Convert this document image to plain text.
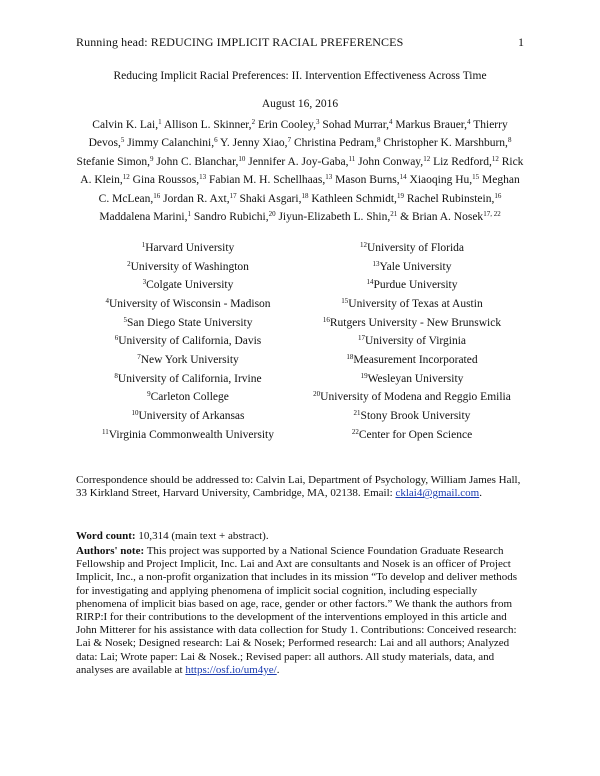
Running head: REDUCING IMPLICIT RACIAL PREFERENCES	1
Reducing Implicit Racial Preferences: II. Intervention Effectiveness Across Time
August 16, 2016
Calvin K. Lai,$^1$ Allison L. Skinner,$^2$ Erin Cooley,$^3$ Sohad Murrar,$^4$ Markus Brauer,$^4$ Thierry Devos,$^5$ Jimmy Calanchini,$^6$ Y. Jenny Xiao,$^7$ Christina Pedram,$^8$ Christopher K. Marshburn,$^8$ Stefanie Simon,$^9$ John C. Blanchar,$^{10}$ Jennifer A. Joy-Gaba,$^{11}$ John Conway,$^{12}$ Liz Redford,$^{12}$ Rick A. Klein,$^{12}$ Gina Roussos,$^{13}$ Fabian M. H. Schellhaas,$^{13}$ Mason Burns,$^{14}$ Xiaoqing Hu,$^{15}$ Meghan C. McLean,$^{16}$ Jordan R. Axt,$^{17}$ Shaki Asgari,$^{18}$ Kathleen Schmidt,$^{19}$ Rachel Rubinstein,$^{16}$ Maddalena Marini,$^1$ Sandro Rubichi,$^{20}$ Jiyun-Elizabeth L. Shin,$^{21}$ & Brian A. Nosek$^{17, 22}$
$^1$Harvard University
$^2$University of Washington
$^3$Colgate University
$^4$University of Wisconsin - Madison
$^5$San Diego State University
$^6$University of California, Davis
$^7$New York University
$^8$University of California, Irvine
$^9$Carleton College
$^{10}$University of Arkansas
$^{11}$Virginia Commonwealth University
$^{12}$University of Florida
$^{13}$Yale University
$^{14}$Purdue University
$^{15}$University of Texas at Austin
$^{16}$Rutgers University - New Brunswick
$^{17}$University of Virginia
$^{18}$Measurement Incorporated
$^{19}$Wesleyan University
$^{20}$University of Modena and Reggio Emilia
$^{21}$Stony Brook University
$^{22}$Center for Open Science
Correspondence should be addressed to: Calvin Lai, Department of Psychology, William James Hall, 33 Kirkland Street, Harvard University, Cambridge, MA, 02138. Email: cklai4@gmail.com.
Word count: 10,314 (main text + abstract).
Authors' note: This project was supported by a National Science Foundation Graduate Research Fellowship and Project Implicit, Inc. Lai and Axt are consultants and Nosek is an officer of Project Implicit, Inc., a non-profit organization that includes in its mission “To develop and deliver methods for investigating and applying phenomena of implicit social cognition, including especially phenomena of implicit bias based on age, race, gender or other factors.” We thank the authors from RIRP:I for their contributions to the development of the interventions employed in this article and John Mitterer for his assistance with data collection for Study 1. Contributions: Conceived research: Lai & Nosek; Designed research: Lai & Nosek; Performed research: Lai and all authors; Analyzed data: Lai; Wrote paper: Lai & Nosek.; Revised paper: all authors. All study materials, data, and analyses are available at https://osf.io/um4ye/.
